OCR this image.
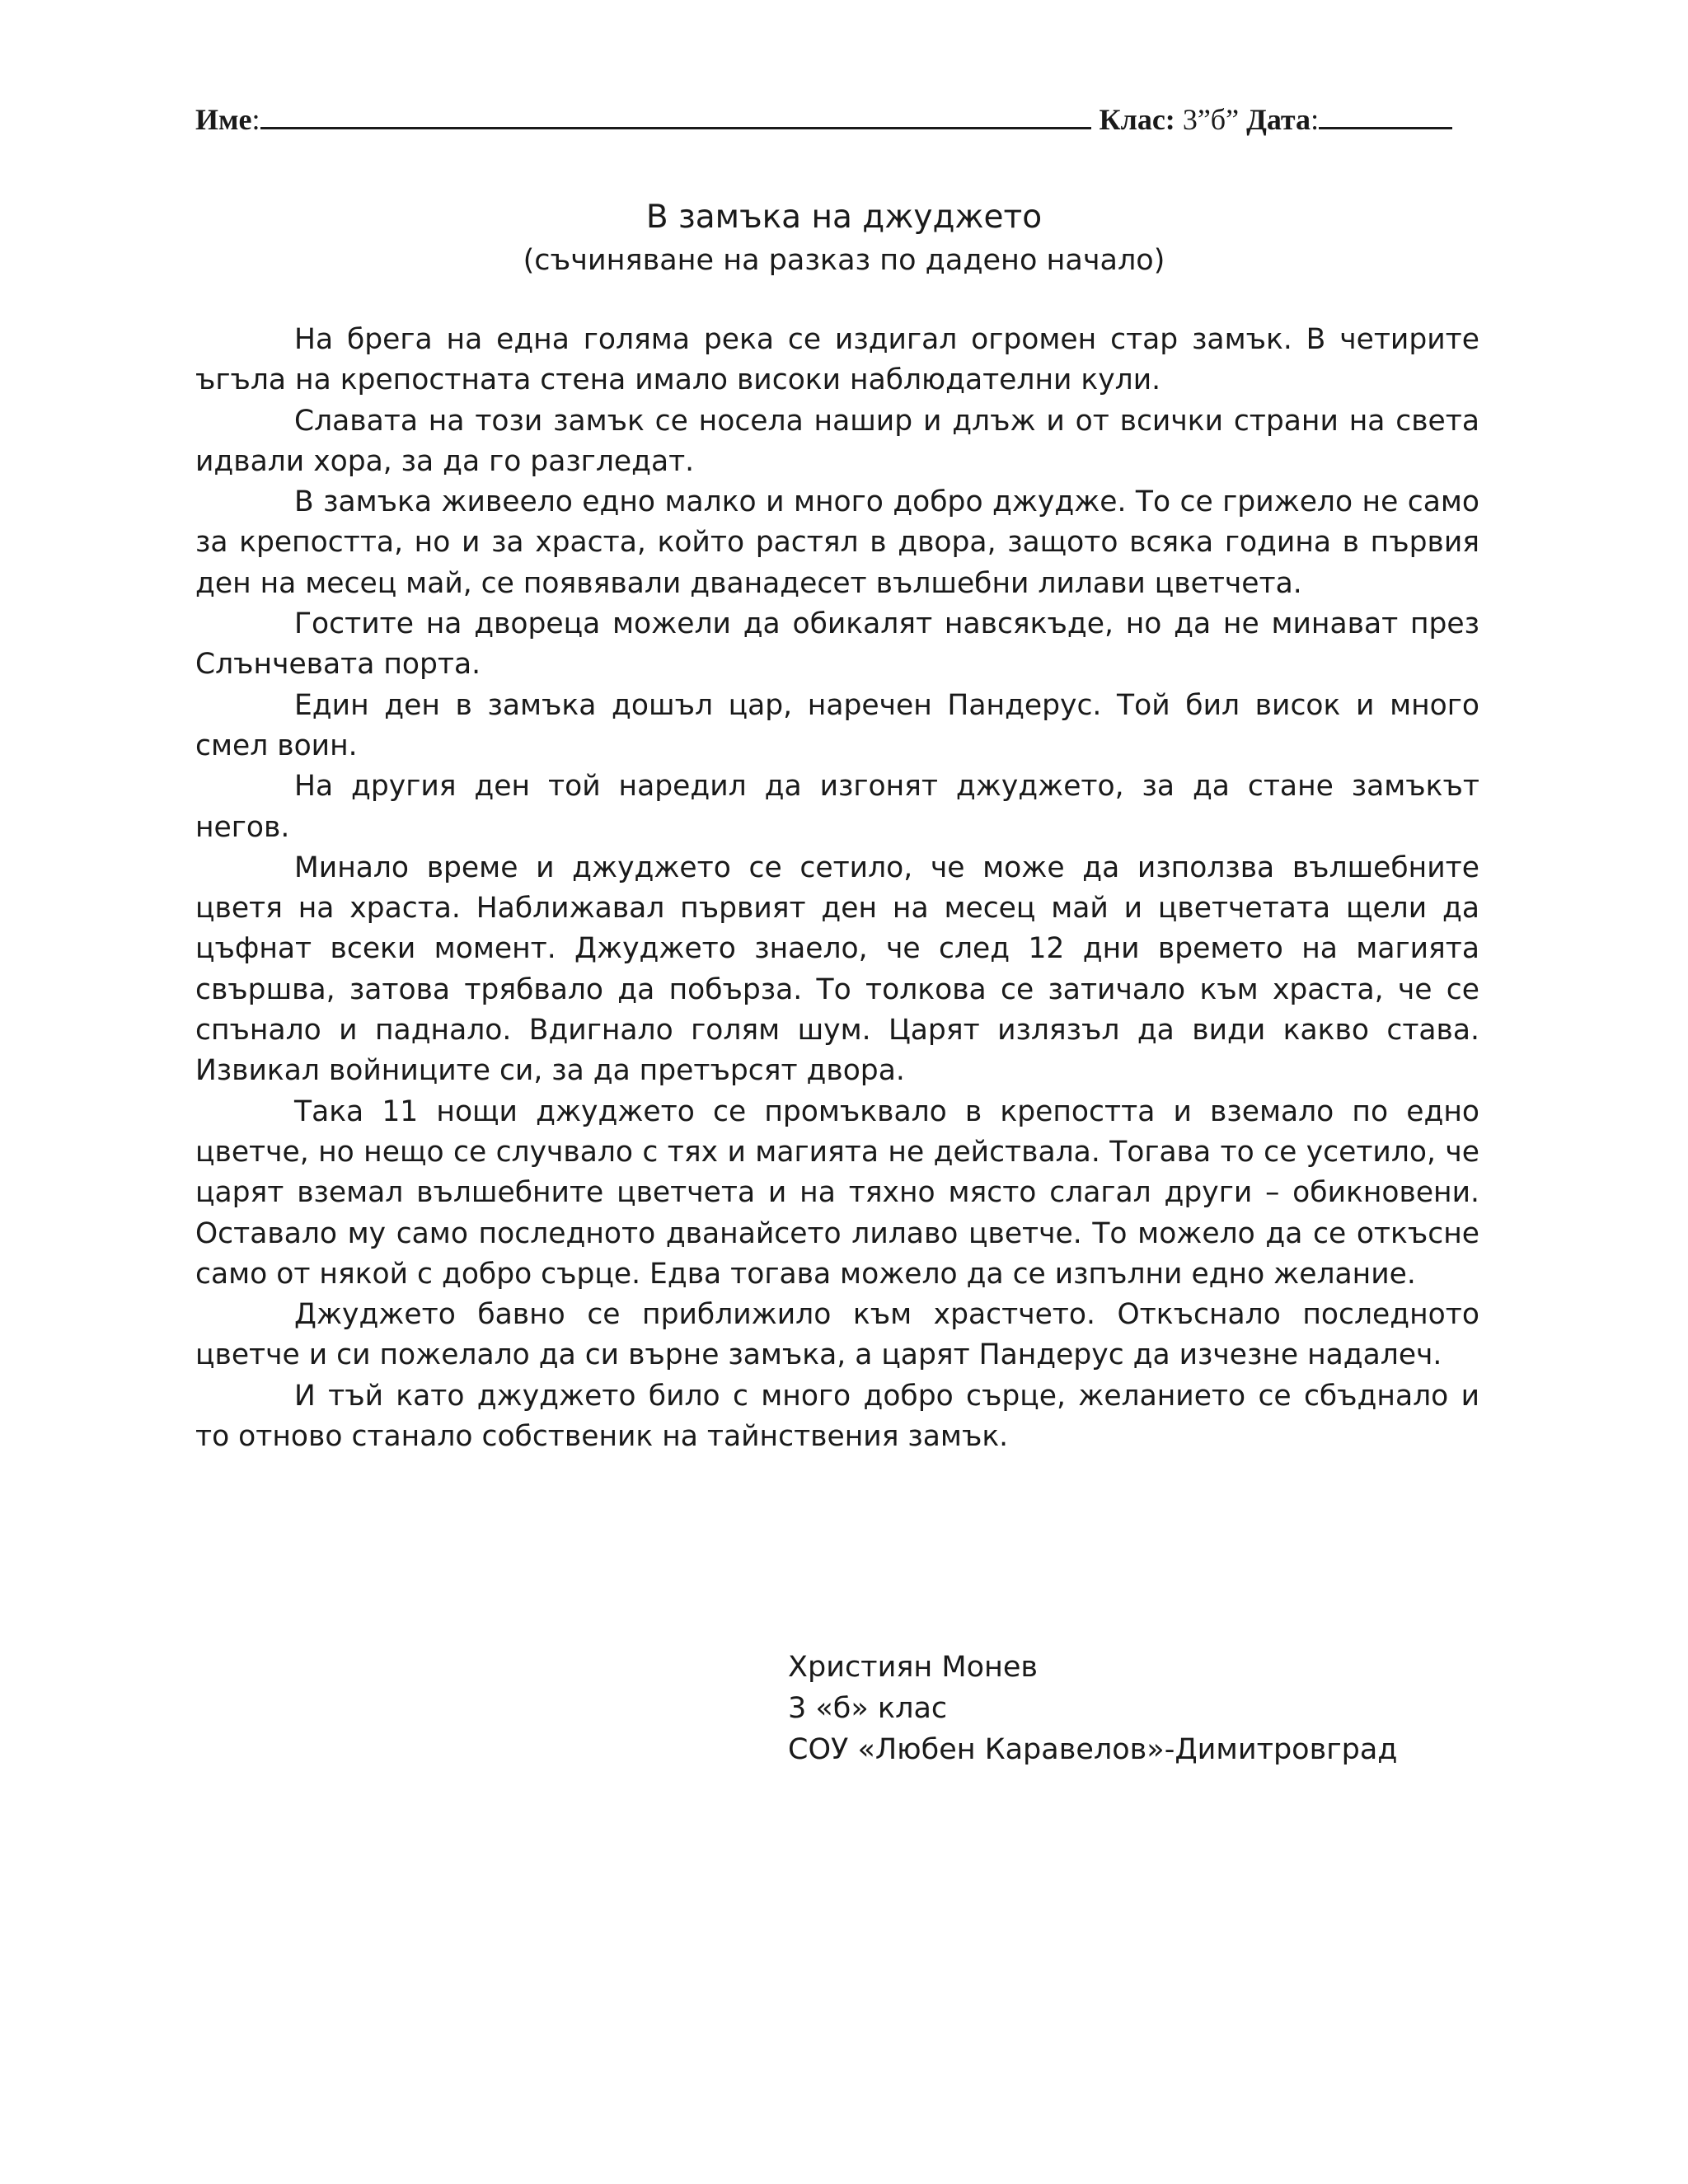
Име:	Клас: 3”б” Дата:
В замъка на джуджето
(съчиняване на разказ по дадено начало)

На брега на една голяма река се издигал огромен стар замък. В четирите ъгъла на крепостната стена имало високи наблюдателни кули.

Славата на този замък се носела нашир и длъж и от всички страни на света идвали хора, за да го разгледат.

В замъка живеело едно малко и много добро джудже. То се грижело не само за крепостта, но и за храста, който растял в двора, защото всяка година в първия ден на месец май, се появявали дванадесет вълшебни лилави цветчета.

Гостите на двореца можели да обикалят навсякъде, но да не минават през Слънчевата порта.

Един ден в замъка дошъл цар, наречен Пандерус. Той бил висок и много смел воин.

На другия ден той наредил да изгонят джуджето, за да стане замъкът негов.

Минало време и джуджето се сетило, че може да използва вълшебните цветя на храста. Наближавал първият ден на месец май и цветчетата щели да цъфнат всеки момент. Джуджето знаело, че след 12 дни времето на магията свършва, затова трябвало да побърза. То толкова се затичало към храста, че се спънало и паднало. Вдигнало голям шум. Царят излязъл да види какво става. Извикал войниците си, за да претърсят двора.

Така 11 нощи джуджето се промъквало в крепостта и вземало по едно цветче, но нещо се случвало с тях и магията не действала. Тогава то се усетило, че царят вземал вълшебните цветчета и на тяхно място слагал други – обикновени. Оставало му само последното дванайсето лилаво цветче. То можело да се откъсне само от някой с добро сърце. Едва тогава можело да се изпълни едно желание.

Джуджето бавно се приближило към храстчето. Откъснало последното цветче и си пожелало да си върне замъка, а царят Пандерус да изчезне надалеч.

И тъй като джуджето било с много добро сърце, желанието се сбъднало и то отново станало собственик на тайнствения замък.

Християн Монев
3 «б» клас
СОУ «Любен Каравелов»-Димитровград
